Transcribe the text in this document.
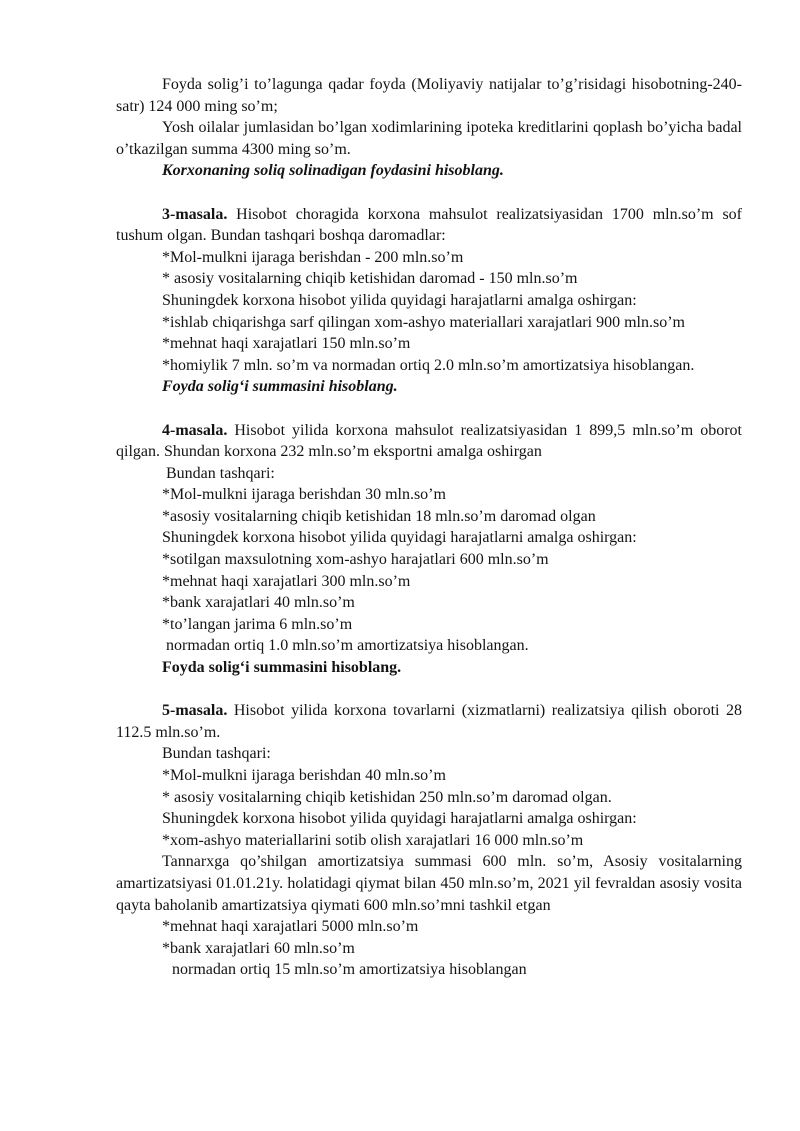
Foyda solig’i to’lagunga qadar foyda (Moliyaviy natijalar to’g’risidagi hisobotning-240-satr) 124 000 ming so’m;

Yosh oilalar jumlasidan bo’lgan xodimlarining ipoteka kreditlarini qoplash bo’yicha badal o’tkazilgan summa 4300 ming so’m.

Korxonaning soliq solinadigan foydasini hisoblang.

3-masala. Hisobot choragida korxona mahsulot realizatsiyasidan 1700 mln.so’m sof tushum olgan. Bundan tashqari boshqa daromadlar:

*Mol-mulkni ijaraga berishdan - 200 mln.so’m

* asosiy vositalarning chiqib ketishidan daromad - 150 mln.so’m

Shuningdek korxona hisobot yilida quyidagi harajatlarni amalga oshirgan:

*ishlab chiqarishga sarf qilingan xom-ashyo materiallari xarajatlari 900 mln.so’m

*mehnat haqi xarajatlari 150 mln.so’m

*homiylik 7 mln. so’m va normadan ortiq 2.0 mln.so’m amortizatsiya hisoblangan.

Foyda solig‘i summasini hisoblang.

4-masala. Hisobot yilida korxona mahsulot realizatsiyasidan 1 899,5 mln.so’m oborot qilgan. Shundan korxona 232 mln.so’m eksportni amalga oshirgan

Bundan tashqari:

*Mol-mulkni ijaraga berishdan 30 mln.so’m

*asosiy vositalarning chiqib ketishidan 18 mln.so’m daromad olgan

Shuningdek korxona hisobot yilida quyidagi harajatlarni amalga oshirgan:

*sotilgan maxsulotning xom-ashyo harajatlari 600 mln.so’m

*mehnat haqi xarajatlari 300 mln.so’m

*bank xarajatlari 40 mln.so’m

*to’langan jarima 6 mln.so’m

normadan ortiq 1.0 mln.so’m amortizatsiya hisoblangan.

Foyda solig‘i summasini hisoblang.

5-masala. Hisobot yilida korxona tovarlarni (xizmatlarni) realizatsiya qilish oboroti 28 112.5 mln.so’m.

Bundan tashqari:

*Mol-mulkni ijaraga berishdan 40 mln.so’m

* asosiy vositalarning chiqib ketishidan 250 mln.so’m daromad olgan.

Shuningdek korxona hisobot yilida quyidagi harajatlarni amalga oshirgan:

*xom-ashyo materiallarini sotib olish xarajatlari 16 000 mln.so’m

Tannarxga qo’shilgan amortizatsiya summasi 600 mln. so’m, Asosiy vositalarning amartizatsiyasi 01.01.21y. holatidagi qiymat bilan 450 mln.so’m, 2021 yil fevraldan asosiy vosita qayta baholanib amartizatsiya qiymati 600 mln.so’mni tashkil etgan

*mehnat haqi xarajatlari 5000 mln.so’m

*bank xarajatlari 60 mln.so’m

normadan ortiq 15 mln.so’m amortizatsiya hisoblangan
